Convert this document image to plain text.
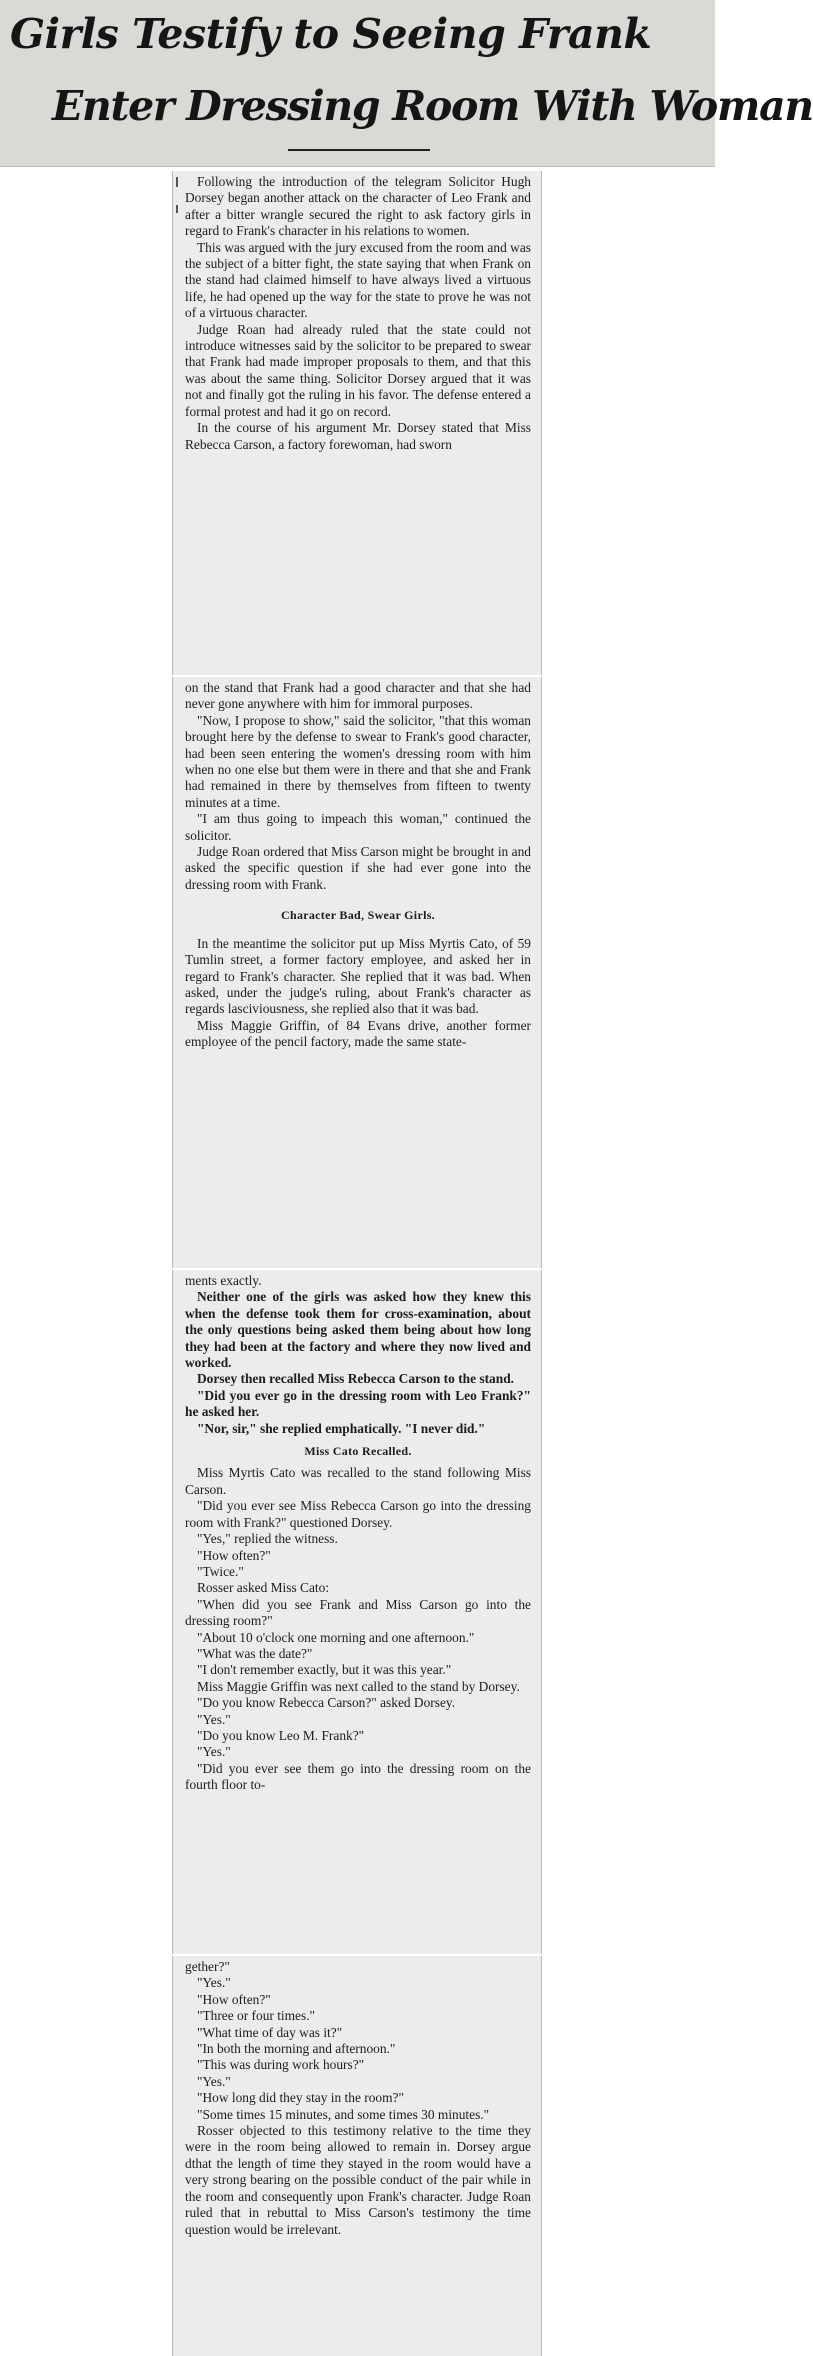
Girls Testify to Seeing Frank
Enter Dressing Room With Woman

Following the introduction of the telegram Solicitor Hugh Dorsey began another attack on the character of Leo Frank and after a bitter wrangle secured the right to ask factory girls in regard to Frank's character in his relations to women.

This was argued with the jury excused from the room and was the subject of a bitter fight, the state saying that when Frank on the stand had claimed himself to have always lived a virtuous life, he had opened up the way for the state to prove he was not of a virtuous character.

Judge Roan had already ruled that the state could not introduce witnesses said by the solicitor to be prepared to swear that Frank had made improper proposals to them, and that this was about the same thing. Solicitor Dorsey argued that it was not and finally got the ruling in his favor. The defense entered a formal protest and had it go on record.

In the course of his argument Mr. Dorsey stated that Miss Rebecca Carson, a factory forewoman, had sworn

on the stand that Frank had a good character and that she had never gone anywhere with him for immoral purposes.

"Now, I propose to show," said the solicitor, "that this woman brought here by the defense to swear to Frank's good character, had been seen entering the women's dressing room with him when no one else but them were in there and that she and Frank had remained in there by themselves from fifteen to twenty minutes at a time.

"I am thus going to impeach this woman," continued the solicitor.

Judge Roan ordered that Miss Carson might be brought in and asked the specific question if she had ever gone into the dressing room with Frank.

Character Bad, Swear Girls.

In the meantime the solicitor put up Miss Myrtis Cato, of 59 Tumlin street, a former factory employee, and asked her in regard to Frank's character. She replied that it was bad. When asked, under the judge's ruling, about Frank's character as regards lasciviousness, she replied also that it was bad.

Miss Maggie Griffin, of 84 Evans drive, another former employee of the pencil factory, made the same state-

ments exactly.

Neither one of the girls was asked how they knew this when the defense took them for cross-examination, about the only questions being asked them being about how long they had been at the factory and where they now lived and worked.

Dorsey then recalled Miss Rebecca Carson to the stand.

"Did you ever go in the dressing room with Leo Frank?" he asked her.

"Nor, sir," she replied emphatically. "I never did."

Miss Cato Recalled.

Miss Myrtis Cato was recalled to the stand following Miss Carson.

"Did you ever see Miss Rebecca Carson go into the dressing room with Frank?" questioned Dorsey.

"Yes," replied the witness.

"How often?"

"Twice."

Rosser asked Miss Cato:

"When did you see Frank and Miss Carson go into the dressing room?"

"About 10 o'clock one morning and one afternoon."

"What was the date?"

"I don't remember exactly, but it was this year."

Miss Maggie Griffin was next called to the stand by Dorsey.

"Do you know Rebecca Carson?" asked Dorsey.

"Yes."

"Do you know Leo M. Frank?"

"Yes."

"Did you ever see them go into the dressing room on the fourth floor to-

gether?"

"Yes."

"How often?"

"Three or four times."

"What time of day was it?"

"In both the morning and afternoon."

"This was during work hours?"

"Yes."

"How long did they stay in the room?"

"Some times 15 minutes, and some times 30 minutes."

Rosser objected to this testimony relative to the time they were in the room being allowed to remain in. Dorsey argue dthat the length of time they stayed in the room would have a very strong bearing on the possible conduct of the pair while in the room and consequently upon Frank's character. Judge Roan ruled that in rebuttal to Miss Carson's testimony the time question would be irrelevant.
